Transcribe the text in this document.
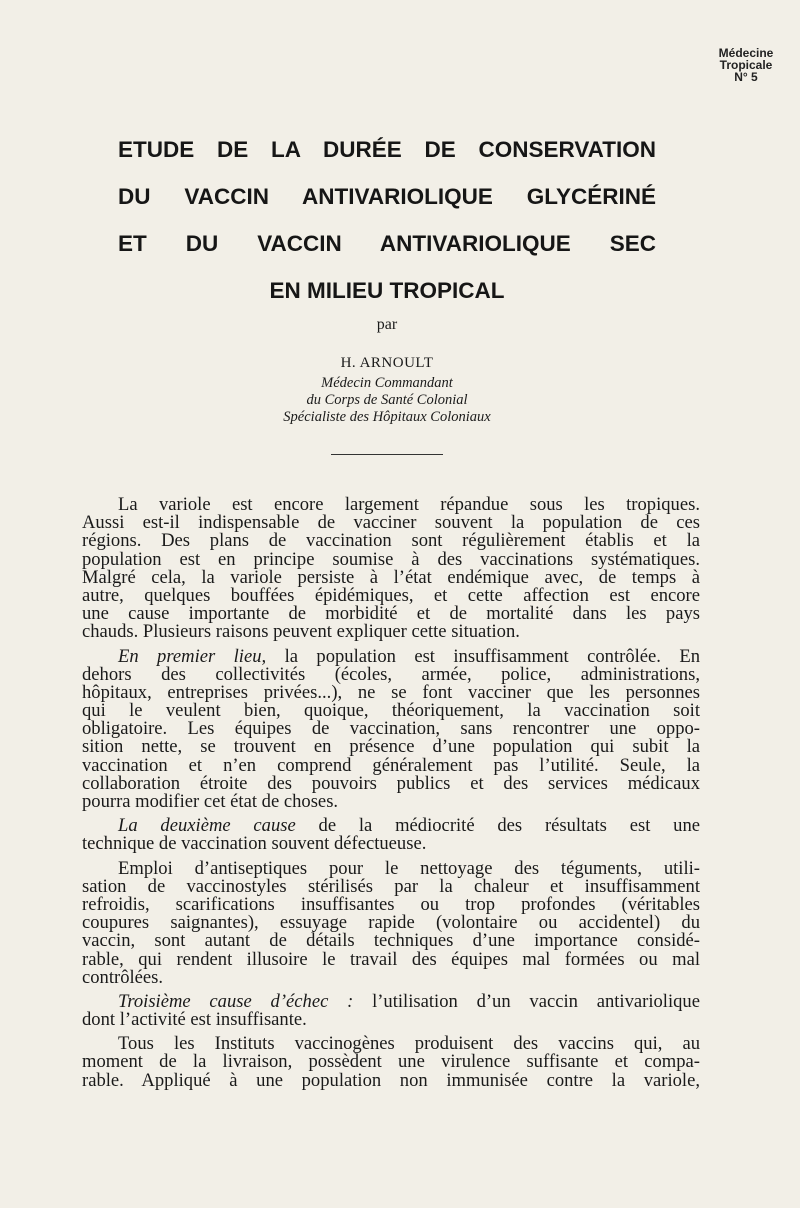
Médecine
Tropicale
N° 5
ETUDE DE LA DURÉE DE CONSERVATION
DU VACCIN ANTIVARIOLIQUE GLYCÉRINÉ
ET DU VACCIN ANTIVARIOLIQUE SEC
EN MILIEU TROPICAL
par
H. ARNOULT
Médecin Commandant
du Corps de Santé Colonial
Spécialiste des Hôpitaux Coloniaux
La variole est encore largement répandue sous les tropiques.
Aussi est-il indispensable de vacciner souvent la population de ces
régions. Des plans de vaccination sont régulièrement établis et la
population est en principe soumise à des vaccinations systématiques.
Malgré cela, la variole persiste à l’état endémique avec, de temps à
autre, quelques bouffées épidémiques, et cette affection est encore
une cause importante de morbidité et de mortalité dans les pays
chauds. Plusieurs raisons peuvent expliquer cette situation.
En premier lieu, la population est insuffisamment contrôlée. En
dehors des collectivités (écoles, armée, police, administrations,
hôpitaux, entreprises privées...), ne se font vacciner que les personnes
qui le veulent bien, quoique, théoriquement, la vaccination soit
obligatoire. Les équipes de vaccination, sans rencontrer une oppo-
sition nette, se trouvent en présence d’une population qui subit la
vaccination et n’en comprend généralement pas l’utilité. Seule, la
collaboration étroite des pouvoirs publics et des services médicaux
pourra modifier cet état de choses.
La deuxième cause de la médiocrité des résultats est une
technique de vaccination souvent défectueuse.
Emploi d’antiseptiques pour le nettoyage des téguments, utili-
sation de vaccinostyles stérilisés par la chaleur et insuffisamment
refroidis, scarifications insuffisantes ou trop profondes (véritables
coupures saignantes), essuyage rapide (volontaire ou accidentel) du
vaccin, sont autant de détails techniques d’une importance considé-
rable, qui rendent illusoire le travail des équipes mal formées ou mal
contrôlées.
Troisième cause d’échec : l’utilisation d’un vaccin antivariolique
dont l’activité est insuffisante.
Tous les Instituts vaccinogènes produisent des vaccins qui, au
moment de la livraison, possèdent une virulence suffisante et compa-
rable. Appliqué à une population non immunisée contre la variole,
